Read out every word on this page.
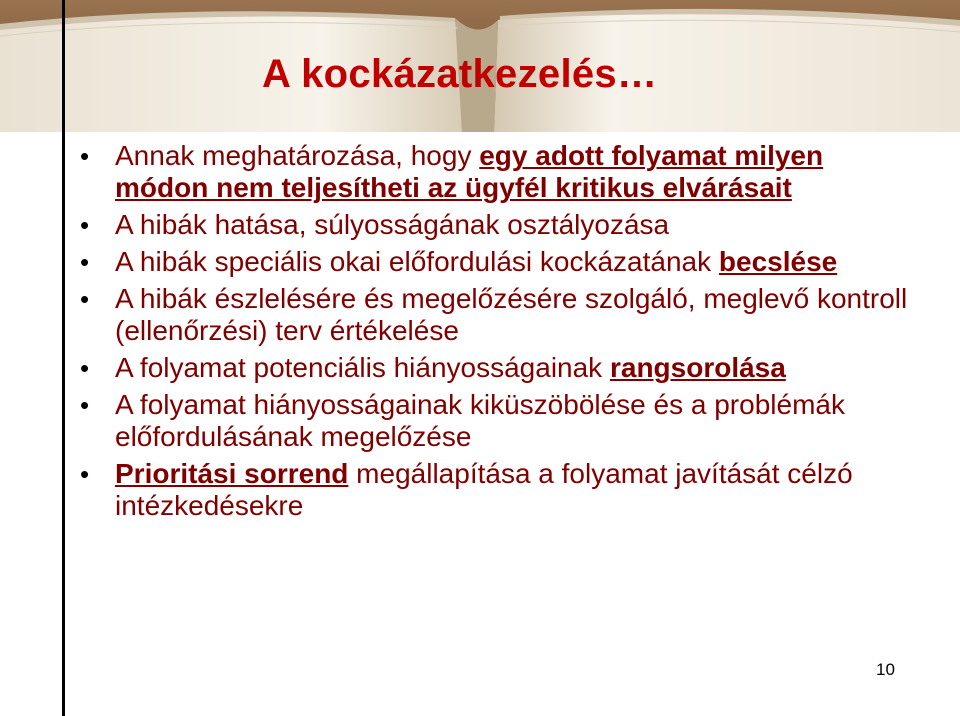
A kockázatkezelés…
• Annak meghatározása, hogy egy adott folyamat milyen módon nem teljesítheti az ügyfél kritikus elvárásait
• A hibák hatása, súlyosságának osztályozása
• A hibák speciális okai előfordulási kockázatának becslése
• A hibák észlelésére és megelőzésére szolgáló, meglevő kontroll (ellenőrzési) terv értékelése
• A folyamat potenciális hiányosságainak rangsorolása
• A folyamat hiányosságainak kiküszöbölése és a problémák előfordulásának megelőzése
• Prioritási sorrend megállapítása a folyamat javítását célzó intézkedésekre
10
